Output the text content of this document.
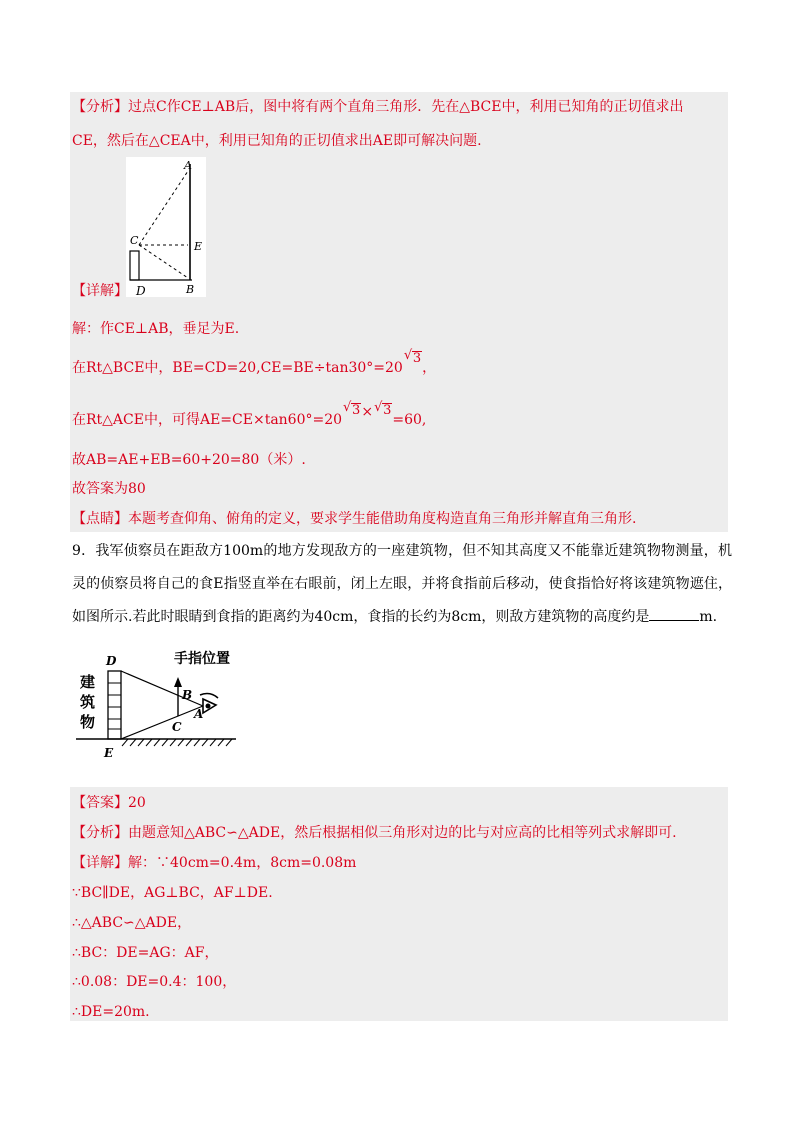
【分析】过点C作CE⊥AB后，图中将有两个直角三角形．先在△BCE中，利用已知角的正切值求出
CE，然后在△CEA中，利用已知角的正切值求出AE即可解决问题.
A
C	E
B
【详解】 D
解：作CE⊥AB，垂足为E.
在Rt△BCE中，BE=CD=20,CE=BE÷tan30°=20
√ 3，
在Rt△ACE中，可得AE=CE×tan60°=20
√ 3× √ 3=60,
故AB=AE+EB=60+20=80（米）.
故答案为80
【点睛】本题考查仰角、俯角的定义，要求学生能借助角度构造直角三角形并解直角三角形.
9．我军侦察员在距敌方100m的地方发现敌方的一座建筑物，但不知其高度又不能靠近建筑物物测量，机灵的侦察员将自己的食E指竖直举在右眼前，闭上左眼，并将食指前后移动，使食指恰好将该建筑物遮住，如图所示.若此时眼睛到食指的距离约为40cm，食指的长约为8cm，则敌方建筑物的高度约是	m.
手指位置
建
筑
物
D
B
A
C
E
【答案】20
【分析】由题意知△ABC∽△ADE，然后根据相似三角形对边的比与对应高的比相等列式求解即可.
【详解】解：∵40cm=0.4m，8cm=0.08m
∵BC∥DE，AG⊥BC，AF⊥DE.
∴△ABC∽△ADE，
∴BC：DE=AG：AF，
∴0.08：DE=0.4：100，
∴DE=20m.
